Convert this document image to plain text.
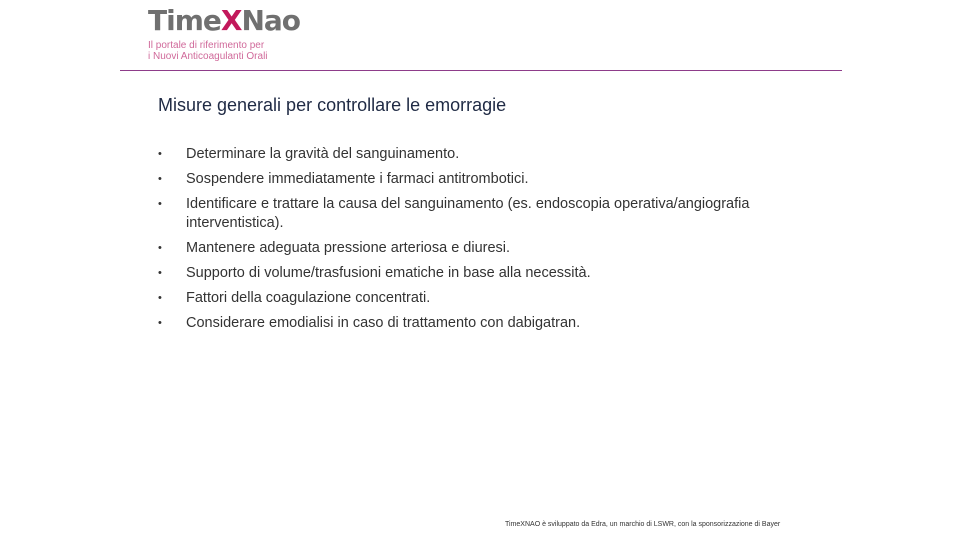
TimeXNao
Il portale di riferimento per
i Nuovi Anticoagulanti Orali
Misure generali per controllare le emorragie
•	Determinare la gravità del sanguinamento.
•	Sospendere immediatamente i farmaci antitrombotici.
•	Identificare e trattare la causa del sanguinamento (es. endoscopia operativa/angiografia interventistica).
•	Mantenere adeguata pressione arteriosa e diuresi.
•	Supporto di volume/trasfusioni ematiche in base alla necessità.
•	Fattori della coagulazione concentrati.
•	Considerare emodialisi in caso di trattamento con dabigatran.
TimeXNAO è sviluppato da Edra, un marchio di LSWR, con la sponsorizzazione di Bayer
